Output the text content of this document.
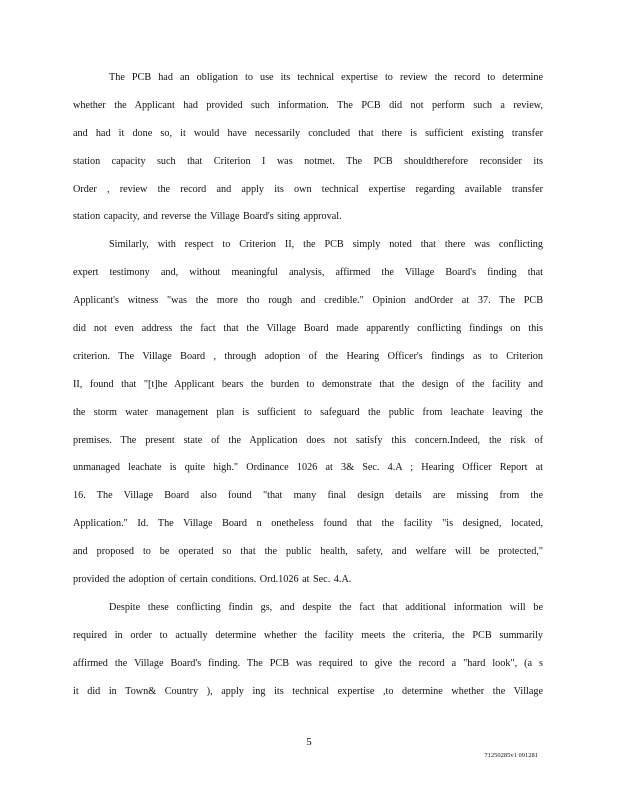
The PCB had an obligation to use its technical expertise to review the record to determine
whether the Applicant had provided such information. The PCB did not perform such a review,
and had it done so, it would have necessarily concluded that there is sufficient existing transfer
station capacity such that Criterion I was notmet. The PCB shouldtherefore reconsider its
Order , review the record and apply its own technical expertise regarding available transfer
station capacity, and reverse the Village Board's siting approval.
Similarly, with respect to Criterion II, the PCB simply noted that there was conflicting
expert testimony and, without meaningful analysis, affirmed the Village Board's finding that
Applicant's witness "was the more tho rough and credible." Opinion andOrder at 37. The PCB
did not even address the fact that the Village Board made apparently conflicting findings on this
criterion. The Village Board , through adoption of the Hearing Officer's findings as to Criterion
II, found that "[t]he Applicant bears the burden to demonstrate that the design of the facility and
the storm water management plan is sufficient to safeguard the public from leachate leaving the
premises. The present state of the Application does not satisfy this concern.Indeed, the risk of
unmanaged leachate is quite high." Ordinance 1026 at 3& Sec. 4.A ; Hearing Officer Report at
16. The Village Board also found "that many final design details are missing from the
Application." Id. The Village Board n onetheless found that the facility "is designed, located,
and proposed to be operated so that the public health, safety, and welfare will be protected,"
provided the adoption of certain conditions. Ord.1026 at Sec. 4.A.
Despite these conflicting findin gs, and despite the fact that additional information will be
required in order to actually determine whether the facility meets the criteria, the PCB summarily
affirmed the Village Board's finding. The PCB was required to give the record a "hard look", (a s
it did in Town& Country ), apply ing its technical expertise ,to determine whether the Village
5
71250285v1 091281
